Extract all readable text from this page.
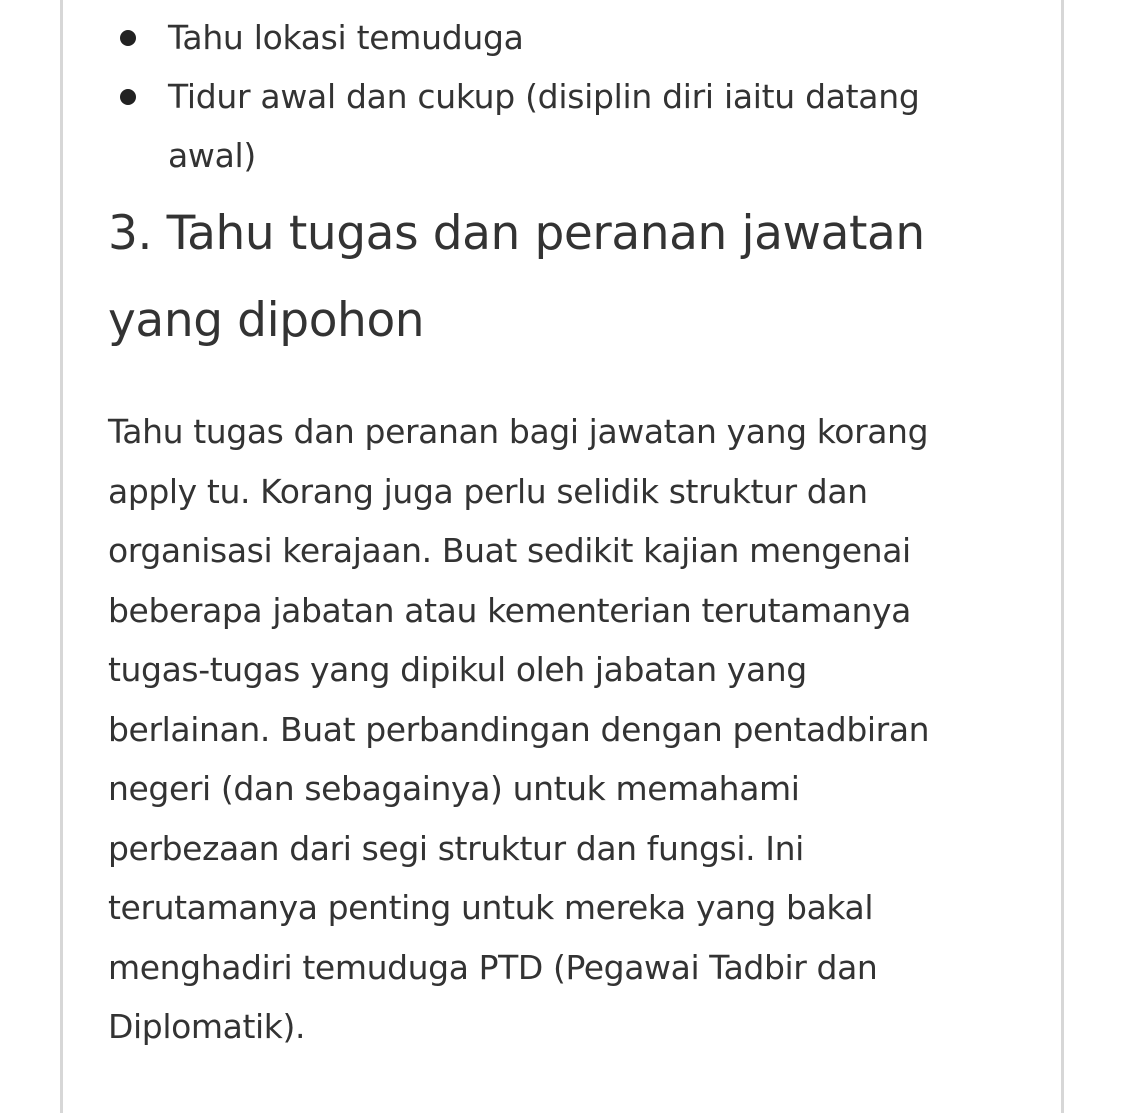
Tahu lokasi temuduga
Tidur awal dan cukup (disiplin diri iaitu datang
awal)
3. Tahu tugas dan peranan jawatan
yang dipohon

Tahu tugas dan peranan bagi jawatan yang korang
apply tu. Korang juga perlu selidik struktur dan
organisasi kerajaan. Buat sedikit kajian mengenai
beberapa jabatan atau kementerian terutamanya
tugas-tugas yang dipikul oleh jabatan yang
berlainan. Buat perbandingan dengan pentadbiran
negeri (dan sebagainya) untuk memahami
perbezaan dari segi struktur dan fungsi. Ini
terutamanya penting untuk mereka yang bakal
menghadiri temuduga PTD (Pegawai Tadbir dan
Diplomatik).
